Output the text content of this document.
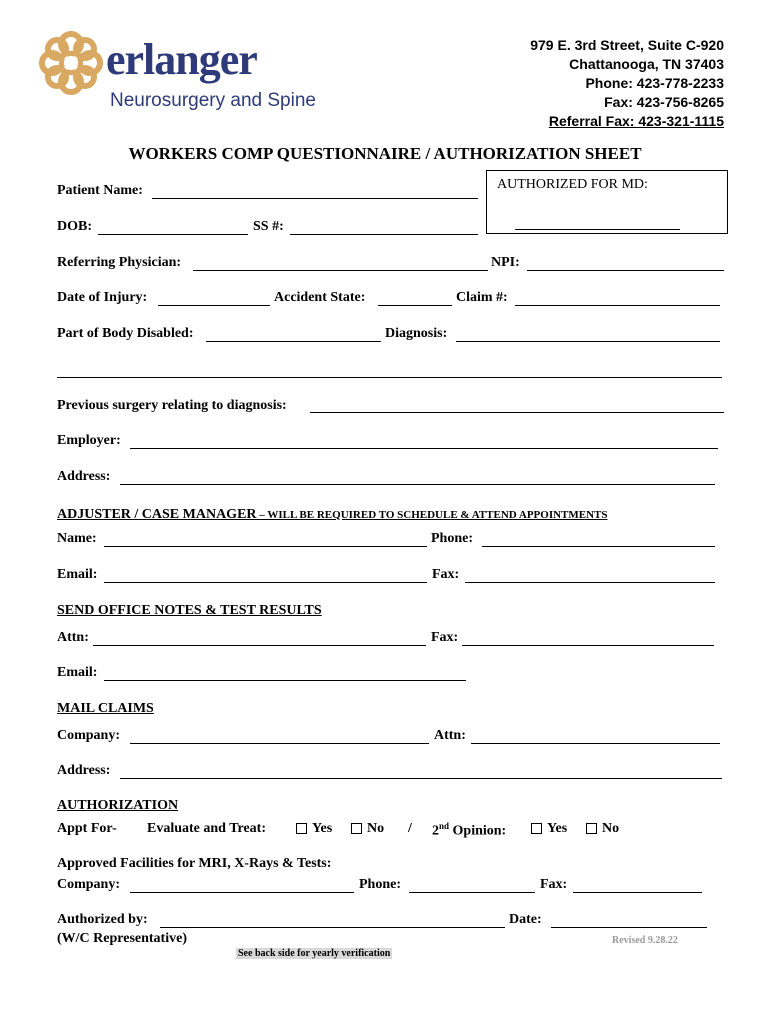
erlanger
Neurosurgery and Spine
979 E. 3rd Street, Suite C-920
Chattanooga, TN 37403
Phone: 423-778-2233
Fax: 423-756-8265
Referral Fax: 423-321-1115
WORKERS COMP QUESTIONNAIRE / AUTHORIZATION SHEET
AUTHORIZED FOR MD:
Patient Name:
DOB:	SS #:
Referring Physician:	NPI:
Date of Injury:	Accident State:	Claim #:
Part of Body Disabled:	Diagnosis:
Previous surgery relating to diagnosis:
Employer:
Address:
ADJUSTER / CASE MANAGER – WILL BE REQUIRED TO SCHEDULE & ATTEND APPOINTMENTS
Name:	Phone:
Email:	Fax:
SEND OFFICE NOTES & TEST RESULTS
Attn:	Fax:
Email:
MAIL CLAIMS
Company:	Attn:
Address:
AUTHORIZATION
Appt For- Evaluate and Treat:	Yes	No / 2nd Opinion:	Yes	No
Approved Facilities for MRI, X-Rays & Tests:
Company:	Phone:	Fax:
Authorized by:	Date:
(W/C Representative)	Revised 9.28.22
See back side for yearly verification
